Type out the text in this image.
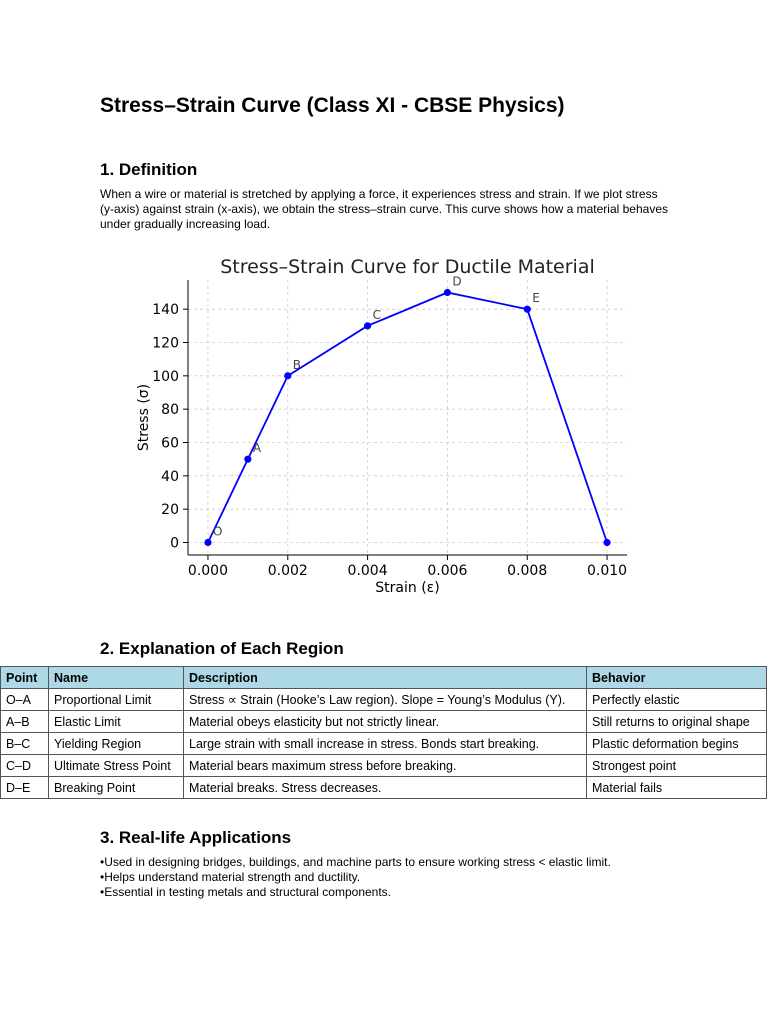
Stress–Strain Curve (Class XI - CBSE Physics)
1. Definition

When a wire or material is stretched by applying a force, it experiences stress and strain. If we plot stress (y-axis) against strain (x-axis), we obtain the stress–strain curve. This curve shows how a material behaves under gradually increasing load.

Stress–Strain Curve for Ductile Material
0.000	0.002	0.004	0.006	0.008	0.010
0
20
40
60
80
100
120
140
Strain (ε)
Stress (σ)
O
A
B
C
D
E
2. Explanation of Each Region
Point	Name	Description	Behavior
O–A	Proportional Limit	Stress ∝ Strain (Hooke’s Law region). Slope = Young’s Modulus (Y).	Perfectly elastic
A–B	Elastic Limit	Material obeys elasticity but not strictly linear.	Still returns to original shape
B–C	Yielding Region	Large strain with small increase in stress. Bonds start breaking.	Plastic deformation begins
C–D	Ultimate Stress Point	Material bears maximum stress before breaking.	Strongest point
D–E	Breaking Point	Material breaks. Stress decreases.	Material fails
3. Real-life Applications
• Used in designing bridges, buildings, and machine parts to ensure working stress < elastic limit.
• Helps understand material strength and ductility.
• Essential in testing metals and structural components.
